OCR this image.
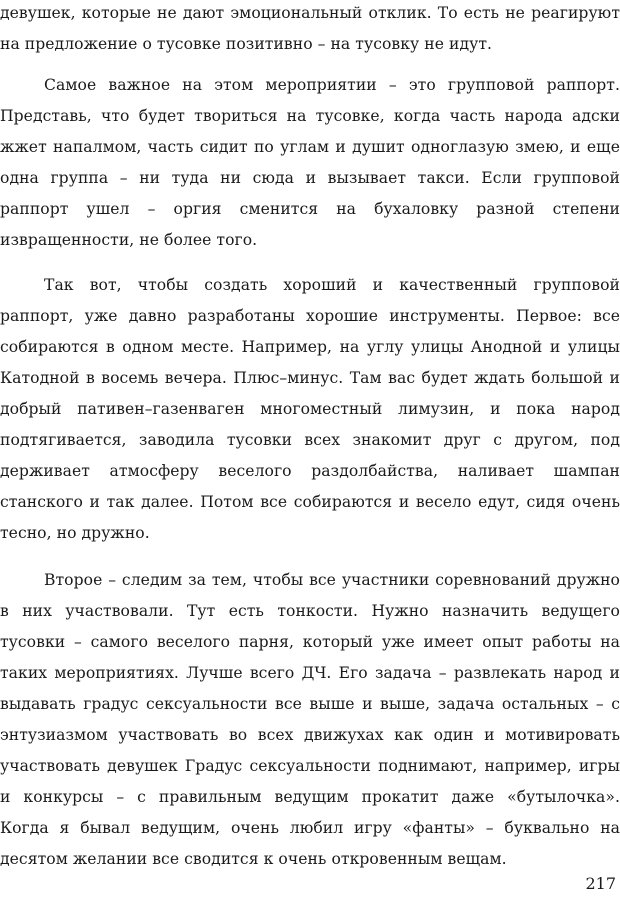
девушек, которые не дают эмоциональный отклик. То есть не реагируют
на предложение о тусовке позитивно – на тусовку не идут.
Самое важное на этом мероприятии – это групповой раппорт.
Представь, что будет твориться на тусовке, когда часть народа адски
жжет напалмом, часть сидит по углам и душит одноглазую змею, и еще
одна группа – ни туда ни сюда и вызывает такси. Если групповой
раппорт ушел – оргия сменится на бухаловку разной степени
извращенности, не более того.
Так вот, чтобы создать хороший и качественный групповой
раппорт, уже давно разработаны хорошие инструменты. Первое: все
собираются в одном месте. Например, на углу улицы Анодной и улицы
Катодной в восемь вечера. Плюс–минус. Там вас будет ждать большой и
добрый пативен–газенваген многоместный лимузин, и пока народ
подтягивается, заводила тусовки всех знакомит друг с другом, под
держивает атмосферу веселого раздолбайства, наливает шампан
станского и так далее. Потом все собираются и весело едут, сидя очень
тесно, но дружно.
Второе – следим за тем, чтобы все участники соревнований дружно
в них участвовали. Тут есть тонкости. Нужно назначить ведущего
тусовки – самого веселого парня, который уже имеет опыт работы на
таких мероприятиях. Лучше всего ДЧ. Его задача – развлекать народ и
выдавать градус сексуальности все выше и выше, задача остальных – с
энтузиазмом участвовать во всех движухах как один и мотивировать
участвовать девушек Градус сексуальности поднимают, например, игры
и конкурсы – с правильным ведущим прокатит даже «бутылочка».
Когда я бывал ведущим, очень любил игру «фанты» – буквально на
десятом желании все сводится к очень откровенным вещам.
217
